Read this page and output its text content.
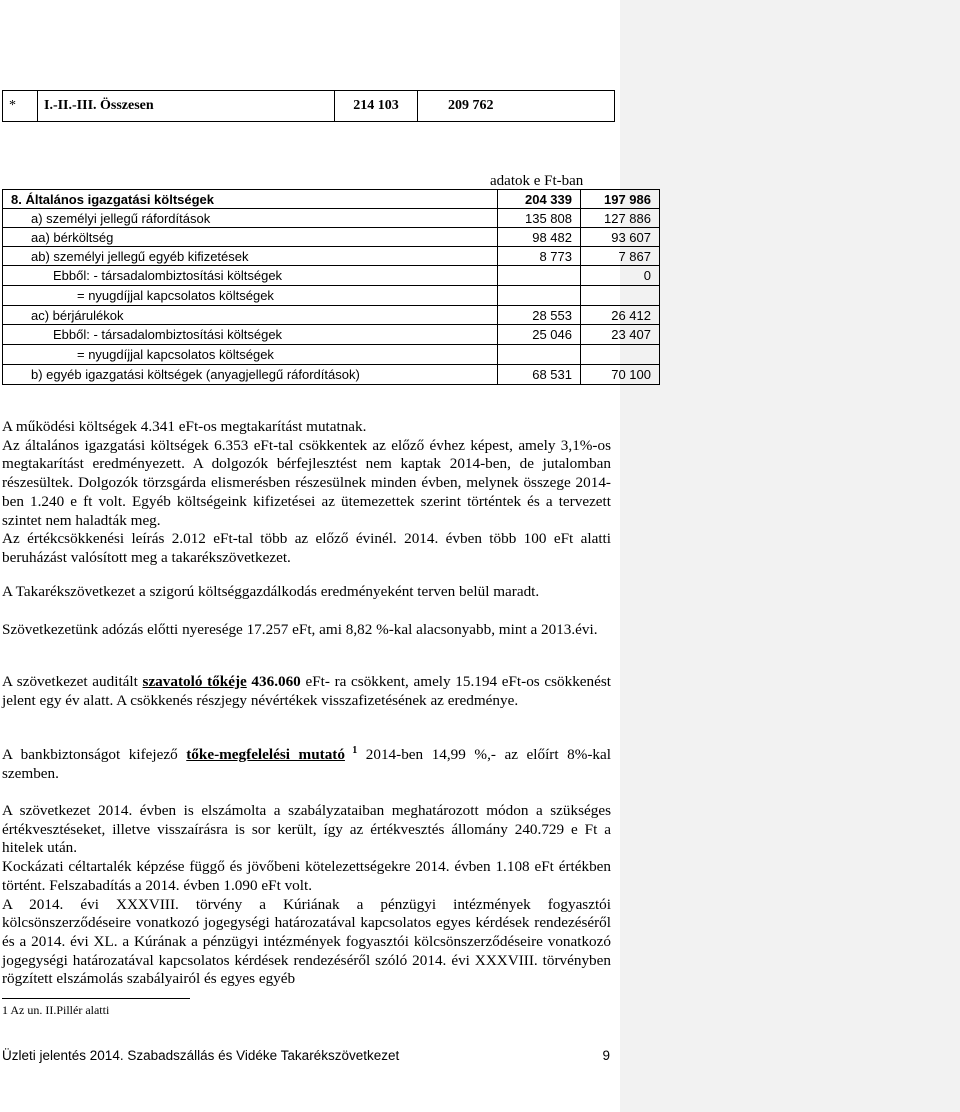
*	I.-II.-III. Összesen	214 103	209 762
adatok e Ft-ban
8. Általános igazgatási költségek	204 339	197 986
a) személyi jellegű ráfordítások	135 808	127 886
aa) bérköltség	98 482	93 607
ab) személyi jellegű egyéb kifizetések	8 773	7 867
Ebből: - társadalombiztosítási költségek		0
= nyugdíjjal kapcsolatos költségek		
ac) bérjárulékok	28 553	26 412
Ebből: - társadalombiztosítási költségek	25 046	23 407
= nyugdíjjal kapcsolatos költségek		
b) egyéb igazgatási költségek (anyagjellegű ráfordítások)	68 531	70 100

A működési költségek 4.341 eFt-os megtakarítást mutatnak.

Az általános igazgatási költségek 6.353 eFt-tal csökkentek az előző évhez képest, amely 3,1%-os megtakarítást eredményezett. A dolgozók bérfejlesztést nem kaptak 2014-ben, de jutalomban részesültek. Dolgozók törzsgárda elismerésben részesülnek minden évben, melynek összege 2014-ben 1.240 e ft volt. Egyéb költségeink kifizetései az ütemezettek szerint történtek és a tervezett szintet nem haladták meg.

Az értékcsökkenési leírás 2.012 eFt-tal több az előző évinél. 2014. évben több 100 eFt alatti beruházást valósított meg a takarékszövetkezet.

A Takarékszövetkezet a szigorú költséggazdálkodás eredményeként terven belül maradt.

Szövetkezetünk adózás előtti nyeresége 17.257 eFt, ami 8,82 %-kal alacsonyabb, mint a 2013.évi.

A szövetkezet auditált szavatoló tőkéje 436.060 eFt- ra csökkent, amely 15.194 eFt-os csökkenést jelent egy év alatt. A csökkenés részjegy névértékek visszafizetésének az eredménye.

A bankbiztonságot kifejező tőke-megfelelési mutató $^1$ 2014-ben 14,99 %,- az előírt 8%-kal szemben.

A szövetkezet 2014. évben is elszámolta a szabályzataiban meghatározott módon a szükséges értékvesztéseket, illetve visszaírásra is sor került, így az értékvesztés állomány 240.729 e Ft a hitelek után.

Kockázati céltartalék képzése függő és jövőbeni kötelezettségekre 2014. évben 1.108 eFt értékben történt. Felszabadítás a 2014. évben 1.090 eFt volt.

A 2014. évi XXXVIII. törvény a Kúriának a pénzügyi intézmények fogyasztói kölcsönszerződéseire vonatkozó jogegységi határozatával kapcsolatos egyes kérdések rendezéséről és a 2014. évi XL. a Kúrának a pénzügyi intézmények fogyasztói kölcsönszerződéseire vonatkozó jogegységi határozatával kapcsolatos kérdések rendezéséről szóló 2014. évi XXXVIII. törvényben rögzített elszámolás szabályairól és egyes egyéb

1 Az un. II.Pillér alatti
Üzleti jelentés 2014. Szabadszállás és Vidéke Takarékszövetkezet	9
